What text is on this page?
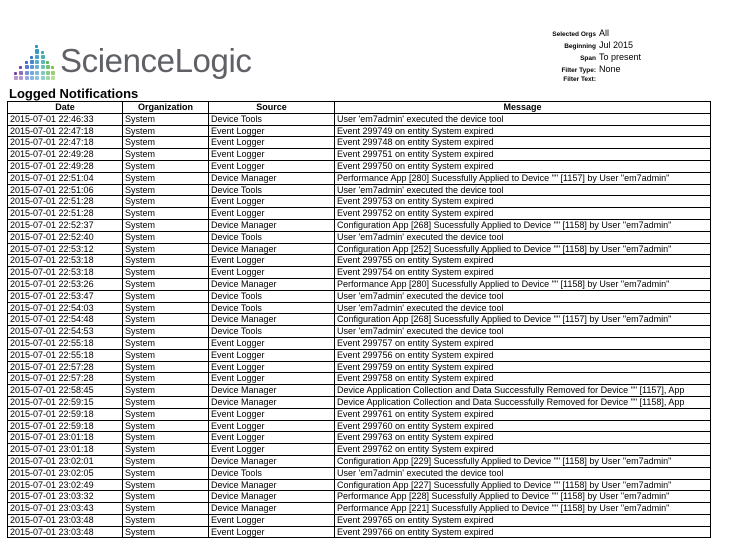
ScienceLogic
Selected Orgs All
Beginning Jul 2015
Span To present
Filter Type: None
Filter Text:
Logged Notifications
Date	Organization	Source	Message
2015-07-01 22:46:33	System	Device Tools	User 'em7admin' executed the device tool
2015-07-01 22:47:18	System	Event Logger	Event 299749 on entity System expired
2015-07-01 22:47:18	System	Event Logger	Event 299748 on entity System expired
2015-07-01 22:49:28	System	Event Logger	Event 299751 on entity System expired
2015-07-01 22:49:28	System	Event Logger	Event 299750 on entity System expired
2015-07-01 22:51:04	System	Device Manager	Performance App [280] Sucessfully Applied to Device "" [1157] by User "em7admin"
2015-07-01 22:51:06	System	Device Tools	User 'em7admin' executed the device tool
2015-07-01 22:51:28	System	Event Logger	Event 299753 on entity System expired
2015-07-01 22:51:28	System	Event Logger	Event 299752 on entity System expired
2015-07-01 22:52:37	System	Device Manager	Configuration App [268] Sucessfully Applied to Device "" [1158] by User "em7admin"
2015-07-01 22:52:40	System	Device Tools	User 'em7admin' executed the device tool
2015-07-01 22:53:12	System	Device Manager	Configuration App [252] Sucessfully Applied to Device "" [1158] by User "em7admin"
2015-07-01 22:53:18	System	Event Logger	Event 299755 on entity System expired
2015-07-01 22:53:18	System	Event Logger	Event 299754 on entity System expired
2015-07-01 22:53:26	System	Device Manager	Performance App [280] Sucessfully Applied to Device "" [1158] by User "em7admin"
2015-07-01 22:53:47	System	Device Tools	User 'em7admin' executed the device tool
2015-07-01 22:54:03	System	Device Tools	User 'em7admin' executed the device tool
2015-07-01 22:54:48	System	Device Manager	Configuration App [268] Sucessfully Applied to Device "" [1157] by User "em7admin"
2015-07-01 22:54:53	System	Device Tools	User 'em7admin' executed the device tool
2015-07-01 22:55:18	System	Event Logger	Event 299757 on entity System expired
2015-07-01 22:55:18	System	Event Logger	Event 299756 on entity System expired
2015-07-01 22:57:28	System	Event Logger	Event 299759 on entity System expired
2015-07-01 22:57:28	System	Event Logger	Event 299758 on entity System expired
2015-07-01 22:58:45	System	Device Manager	Device Application Collection and Data Successfully Removed for Device "" [1157], App
2015-07-01 22:59:15	System	Device Manager	Device Application Collection and Data Successfully Removed for Device "" [1158], App
2015-07-01 22:59:18	System	Event Logger	Event 299761 on entity System expired
2015-07-01 22:59:18	System	Event Logger	Event 299760 on entity System expired
2015-07-01 23:01:18	System	Event Logger	Event 299763 on entity System expired
2015-07-01 23:01:18	System	Event Logger	Event 299762 on entity System expired
2015-07-01 23:02:01	System	Device Manager	Configuration App [229] Sucessfully Applied to Device "" [1158] by User "em7admin"
2015-07-01 23:02:05	System	Device Tools	User 'em7admin' executed the device tool
2015-07-01 23:02:49	System	Device Manager	Configuration App [227] Sucessfully Applied to Device "" [1158] by User "em7admin"
2015-07-01 23:03:32	System	Device Manager	Performance App [228] Sucessfully Applied to Device "" [1158] by User "em7admin"
2015-07-01 23:03:43	System	Device Manager	Performance App [221] Sucessfully Applied to Device "" [1158] by User "em7admin"
2015-07-01 23:03:48	System	Event Logger	Event 299765 on entity System expired
2015-07-01 23:03:48	System	Event Logger	Event 299766 on entity System expired
